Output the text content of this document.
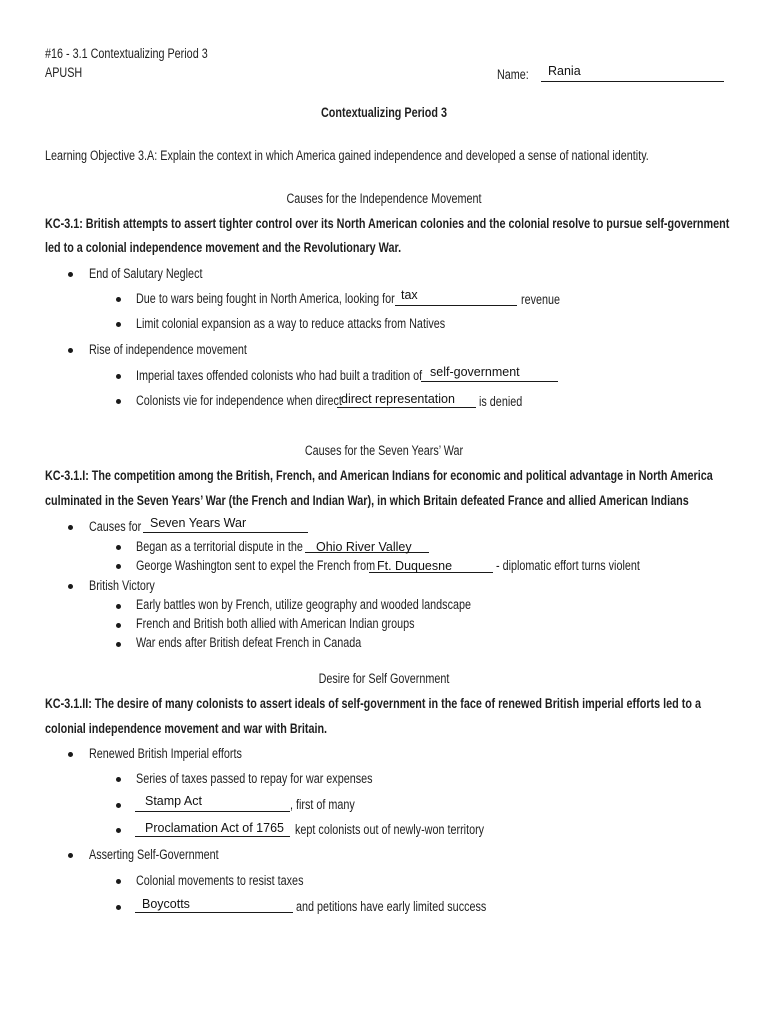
#16 - 3.1 Contextualizing Period 3
APUSH	Name: Rania
Contextualizing Period 3
Learning Objective 3.A: Explain the context in which America gained independence and developed a sense of national identity.
Causes for the Independence Movement
KC-3.1: British attempts to assert tighter control over its North American colonies and the colonial resolve to pursue self-government
led to a colonial independence movement and the Revolutionary War.
End of Salutary Neglect
Due to wars being fought in North America, looking for tax	revenue
Limit colonial expansion as a way to reduce attacks from Natives
Rise of independence movement
Imperial taxes offended colonists who had built a tradition of self-government
Colonists vie for independence when direct direct representation is denied
Causes for the Seven Years’ War
KC-3.1.I: The competition among the British, French, and American Indians for economic and political advantage in North America
culminated in the Seven Years’ War (the French and Indian War), in which Britain defeated France and allied American Indians
Causes for Seven Years War
Began as a territorial dispute in the Ohio River Valley
George Washington sent to expel the French from Ft. Duquesne	- diplomatic effort turns violent
British Victory
Early battles won by French, utilize geography and wooded landscape
French and British both allied with American Indian groups
War ends after British defeat French in Canada
Desire for Self Government
KC-3.1.II: The desire of many colonists to assert ideals of self-government in the face of renewed British imperial efforts led to a
colonial independence movement and war with Britain.
Renewed British Imperial efforts
Series of taxes passed to repay for war expenses
Stamp Act	, first of many
Proclamation Act of 1765 kept colonists out of newly-won territory
Asserting Self-Government
Colonial movements to resist taxes
Boycotts	and petitions have early limited success
